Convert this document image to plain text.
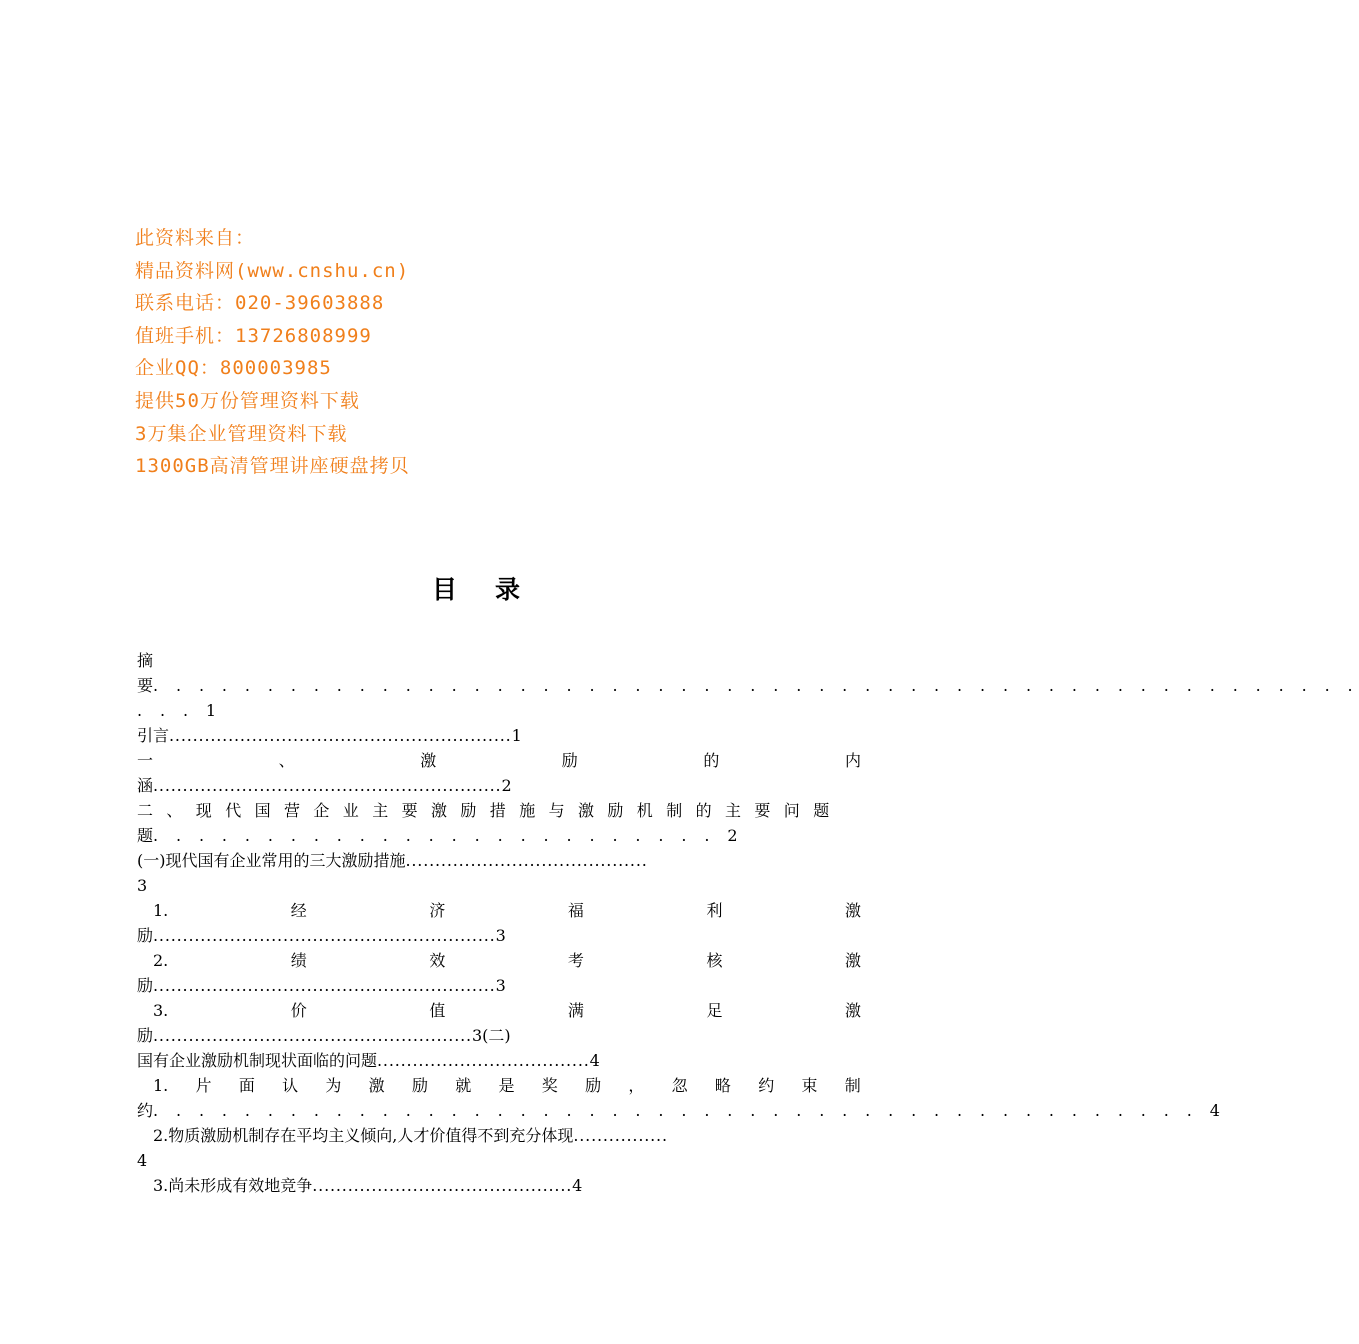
此资料来自：
精品资料网(www.cnshu.cn)
联系电话：020-39603888
值班手机：13726808999
企业QQ：800003985
提供50万份管理资料下载
3万集企业管理资料下载
1300GB高清管理讲座硬盘拷贝
目录
摘
要. . . . . . . . . . . . . . . . . . . . . . . . . . . . . . . . . . . . . . . . . . . . . . . . . . . . .
. . . 1
引言..........................................................1
一	、	激	励	的	内
涵...........................................................2
二、现代国营企业主要激励措施与激励机制的主要问题
题. . . . . . . . . . . . . . . . . . . . . . . . . 2
(一)现代国有企业常用的三大激励措施.........................................
3
1.	经	济	福	利	激
励..........................................................3
2.	绩	效	考	核	激
励..........................................................3
3.	价	值	满	足	激
励......................................................3(二)
国有企业激励机制现状面临的问题....................................4
1. 片 面 认 为 激 励 就 是 奖 励 ， 忽 略 约 束 制
约. . . . . . . . . . . . . . . . . . . . . . . . . . . . . . . . . . . . . . . . . . . . . . 4
2.物质激励机制存在平均主义倾向,人才价值得不到充分体现................
4
3.尚未形成有效地竞争............................................4
